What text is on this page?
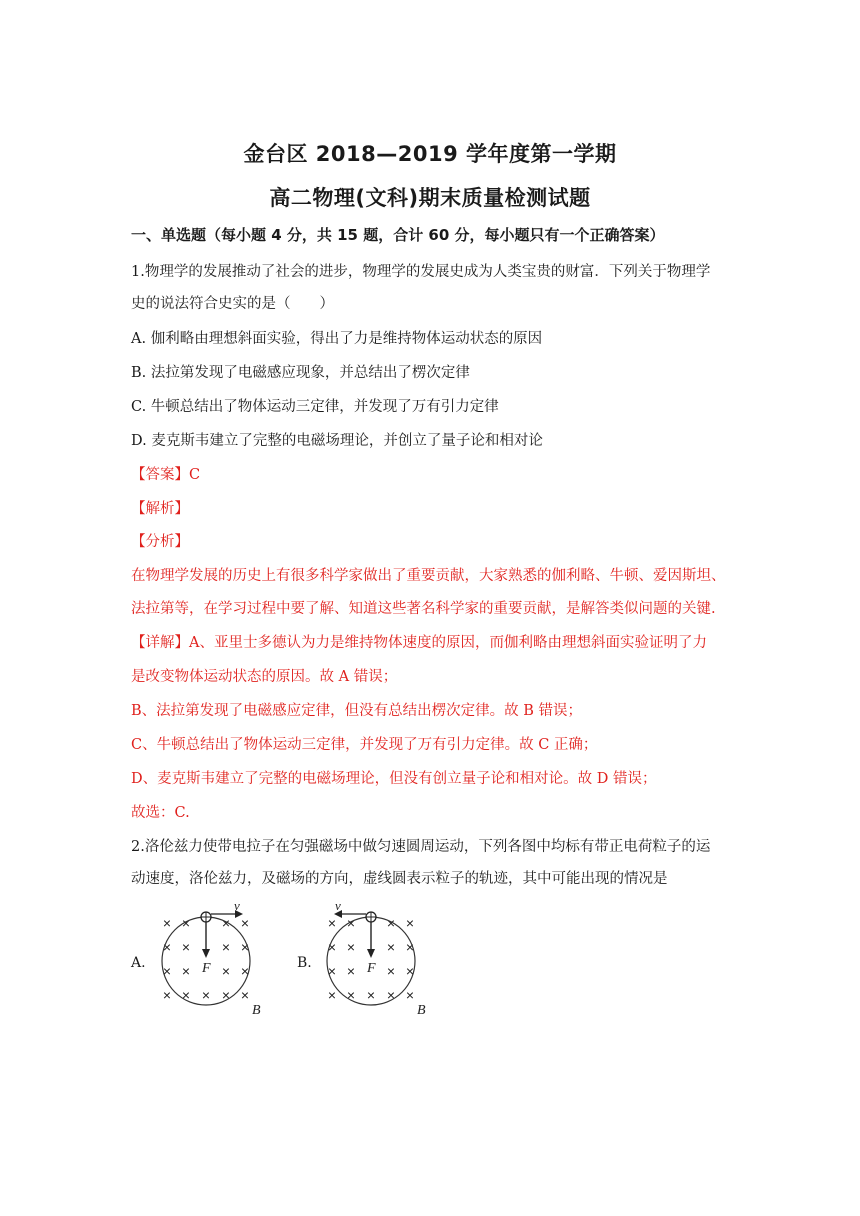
金台区 2018—2019 学年度第一学期
高二物理(文科)期末质量检测试题
一、单选题（每小题 4 分，共 15 题，合计 60 分，每小题只有一个正确答案）
1.物理学的发展推动了社会的进步，物理学的发展史成为人类宝贵的财富．下列关于物理学
史的说法符合史实的是（　　）
A. 伽利略由理想斜面实验，得出了力是维持物体运动状态的原因
B. 法拉第发现了电磁感应现象，并总结出了楞次定律
C. 牛顿总结出了物体运动三定律，并发现了万有引力定律
D. 麦克斯韦建立了完整的电磁场理论，并创立了量子论和相对论
【答案】C
【解析】
【分析】
在物理学发展的历史上有很多科学家做出了重要贡献，大家熟悉的伽利略、牛顿、爱因斯坦、
法拉第等，在学习过程中要了解、知道这些著名科学家的重要贡献，是解答类似问题的关键.
【详解】A、亚里士多德认为力是维持物体速度的原因，而伽利略由理想斜面实验证明了力
是改变物体运动状态的原因。故 A 错误；
B、法拉第发现了电磁感应定律，但没有总结出楞次定律。故 B 错误；
C、牛顿总结出了物体运动三定律，并发现了万有引力定律。故 C 正确；
D、麦克斯韦建立了完整的电磁场理论，但没有创立量子论和相对论。故 D 错误；
故选：C.
2.洛伦兹力使带电拉子在匀强磁场中做匀速圆周运动，下列各图中均标有带正电荷粒子的运
动速度，洛伦兹力，及磁场的方向，虚线圆表示粒子的轨迹，其中可能出现的情况是
A.
× × × ×
× × × ×
× × × ×
× × × × ×
v
F
B
B.
× × × ×
× × × ×
× × × ×
× × × × ×
v
F
B
